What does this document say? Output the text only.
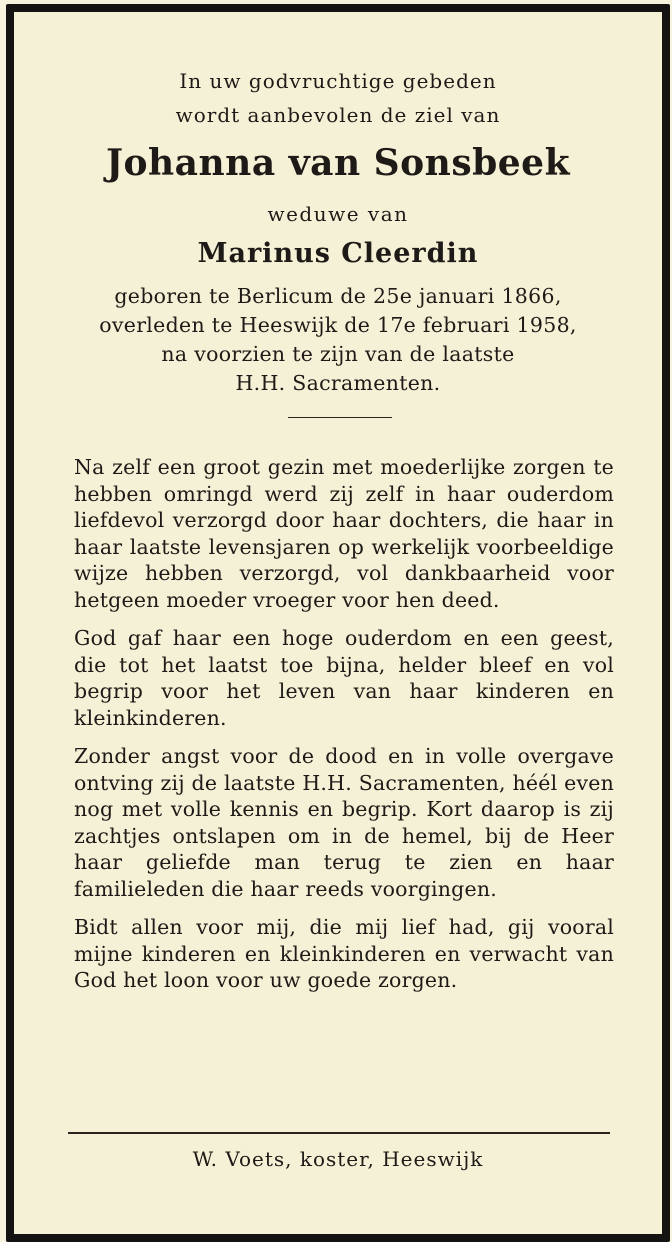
In uw godvruchtige gebeden
wordt aanbevolen de ziel van
Johanna van Sonsbeek
weduwe van
Marinus Cleerdin
geboren te Berlicum de 25e januari 1866,
overleden te Heeswijk de 17e februari 1958,
na voorzien te zijn van de laatste
H.H. Sacramenten.

Na zelf een groot gezin met moederlijke zorgen te hebben omringd werd zij zelf in haar ouderdom liefdevol verzorgd door haar dochters, die haar in haar laatste levensjaren op werkelijk voorbeeldige wijze hebben verzorgd, vol dankbaarheid voor hetgeen moeder vroeger voor hen deed.

God gaf haar een hoge ouderdom en een geest, die tot het laatst toe bijna, helder bleef en vol begrip voor het leven van haar kinderen en kleinkinderen.

Zonder angst voor de dood en in volle overgave ontving zij de laatste H.H. Sacramenten, héél even nog met volle kennis en begrip. Kort daarop is zij zachtjes ontslapen om in de hemel, bij de Heer haar geliefde man terug te zien en haar familieleden die haar reeds voorgingen.

Bidt allen voor mij, die mij lief had, gij vooral mijne kinderen en kleinkinderen en verwacht van God het loon voor uw goede zorgen.

W. Voets, koster, Heeswijk
